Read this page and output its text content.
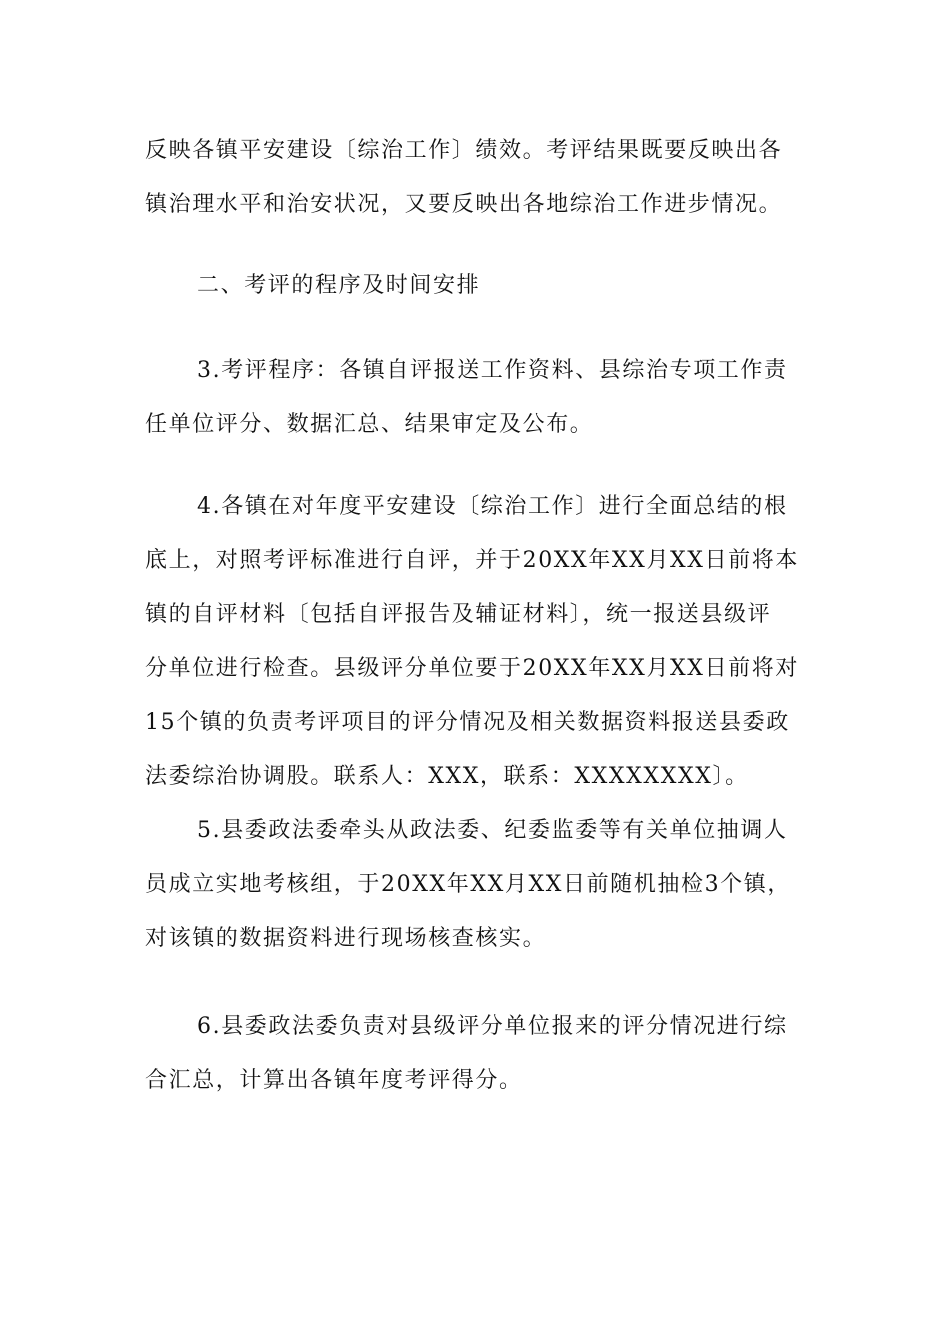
反映各镇平安建设〔综治工作〕绩效。考评结果既要反映出各
镇治理水平和治安状况，又要反映出各地综治工作进步情况。
二、考评的程序及时间安排
3.考评程序：各镇自评报送工作资料、县综治专项工作责
任单位评分、数据汇总、结果审定及公布。
4.各镇在对年度平安建设〔综治工作〕进行全面总结的根
底上，对照考评标准进行自评，并于20XX年XX月XX日前将本
镇的自评材料〔包括自评报告及辅证材料〕，统一报送县级评
分单位进行检查。县级评分单位要于20XX年XX月XX日前将对
15个镇的负责考评项目的评分情况及相关数据资料报送县委政
法委综治协调股。联系人：XXX，联系：XXXXXXXX〕。
5.县委政法委牵头从政法委、纪委监委等有关单位抽调人
员成立实地考核组，于20XX年XX月XX日前随机抽检3个镇，
对该镇的数据资料进行现场核查核实。
6.县委政法委负责对县级评分单位报来的评分情况进行综
合汇总，计算出各镇年度考评得分。
